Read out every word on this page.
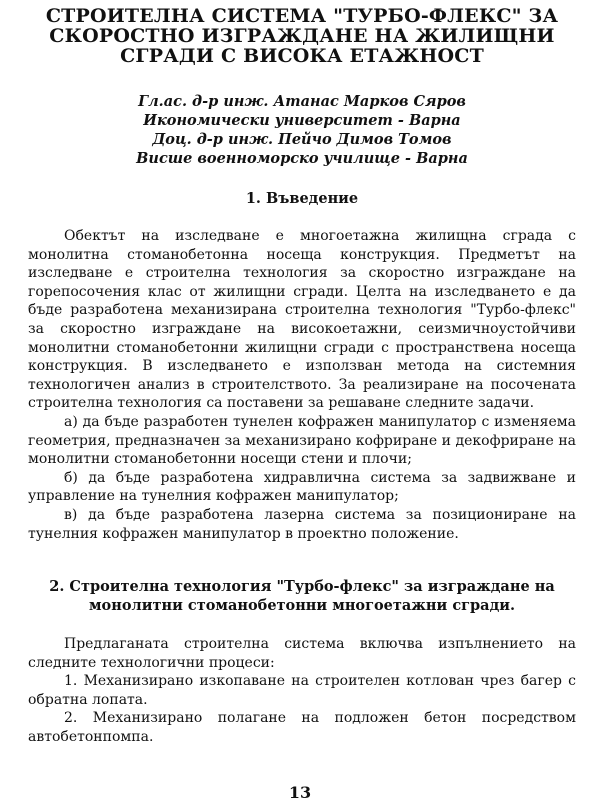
СТРОИТЕЛНА СИСТЕМА "ТУРБО-ФЛЕКС" ЗА
СКОРОСТНО ИЗГРАЖДАНЕ НА ЖИЛИЩНИ
СГРАДИ С ВИСОКА ЕТАЖНОСТ
Гл.ас. д-р инж. Атанас Марков Сяров
Икономически университет - Варна
Доц. д-р инж. Пейчо Димов Томов
Висше военноморско училище - Варна
1. Въведение
Обектът на изследване е многоетажна жилищна сграда с монолитна стоманобетонна носеща конструкция. Предметът на изследване е строителна технология за скоростно изграждане на горепосочения клас от жилищни сгради. Целта на изследването е да бъде разработена механизирана строителна технология "Турбо-флекс" за скоростно изграждане на високоетажни, сеизмичноустойчиви монолитни стоманобетонни жилищни сгради с пространствена носеща конструкция. В изследването е използван метода на системния технологичен анализ в строителството. За реализиране на посочената строителна технология са поставени за решаване следните задачи.
а) да бъде разработен тунелен кофражен манипулатор с изменяема геометрия, предназначен за механизирано кофриране и декофриране на монолитни стоманобетонни носещи стени и плочи;
б) да бъде разработена хидравлична система за задвижване и управление на тунелния кофражен манипулатор;
в) да бъде разработена лазерна система за позициониране на тунелния кофражен манипулатор в проектно положение.
2. Строителна технология "Турбо-флекс" за изграждане на
монолитни стоманобетонни многоетажни сгради.
Предлаганата строителна система включва изпълнението на следните технологични процеси:
1. Механизирано изкопаване на строителен котлован чрез багер с обратна лопата.
2. Механизирано полагане на подложен бетон посредством автобетонпомпа.
13
